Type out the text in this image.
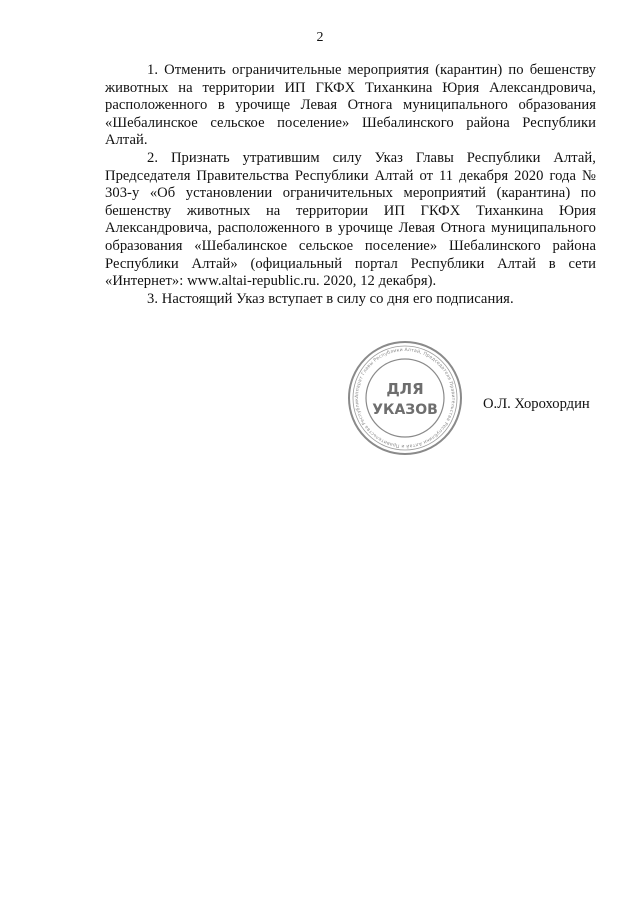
2

1. Отменить ограничительные мероприятия (карантин) по бешенству животных на территории ИП ГКФХ Тиханкина Юрия Александровича, расположенного в урочище Левая Отнога муниципального образования «Шебалинское сельское поселение» Шебалинского района Республики Алтай.

2. Признать утратившим силу Указ Главы Республики Алтай, Председателя Правительства Республики Алтай от 11 декабря 2020 года № 303-у «Об установлении ограничительных мероприятий (карантина) по бешенству животных на территории ИП ГКФХ Тиханкина Юрия Александровича, расположенного в урочище Левая Отнога муниципального образования «Шебалинское сельское поселение» Шебалинского района Республики Алтай» (официальный портал Республики Алтай в сети «Интернет»: www.altai-republic.ru. 2020, 12 декабря).

3. Настоящий Указ вступает в силу со дня его подписания.

Аппарат Главы Республики Алтай, Председателя Правительства Республики Алтай и Правительства Республик
ДЛЯ
УКАЗОВ	О.Л. Хорохордин
